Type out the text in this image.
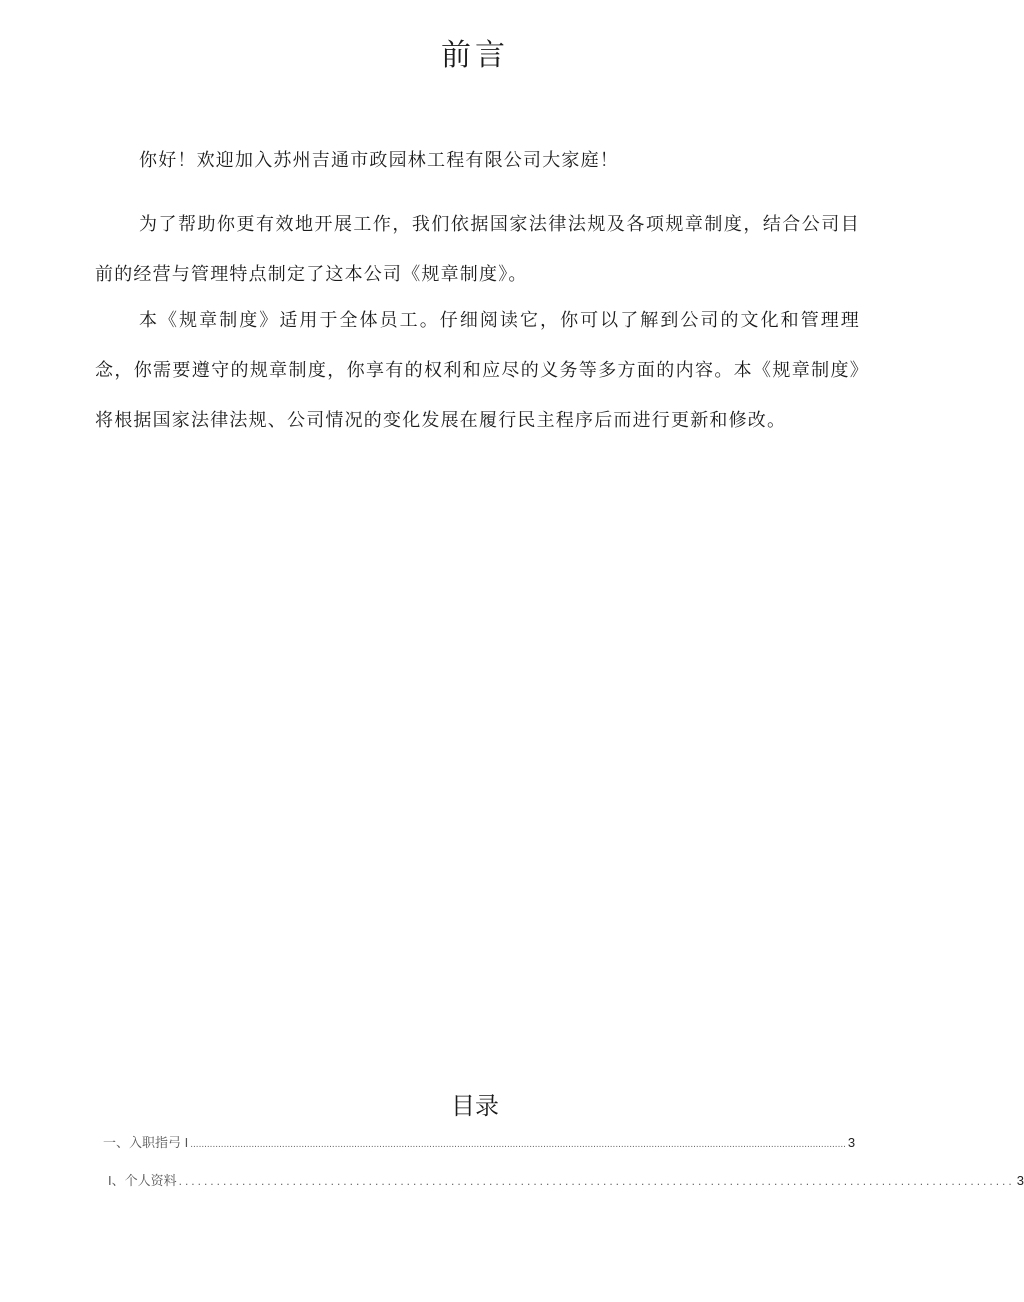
前言

你好！欢迎加入苏州吉通市政园林工程有限公司大家庭！

为了帮助你更有效地开展工作，我们依据国家法律法规及各项规章制度，结合公司目前的经营与管理特点制定了这本公司《规章制度》。

本《规章制度》适用于全体员工。仔细阅读它，你可以了解到公司的文化和管理理念，你需要遵守的规章制度，你享有的权利和应尽的义务等多方面的内容。本《规章制度》将根据国家法律法规、公司情况的变化发展在履行民主程序后而进行更新和修改。

目录
一、入职指弓 I ............................................................................................................................................................................................................................................ 3
I、个人资料 .................................................................................................................................... 3
